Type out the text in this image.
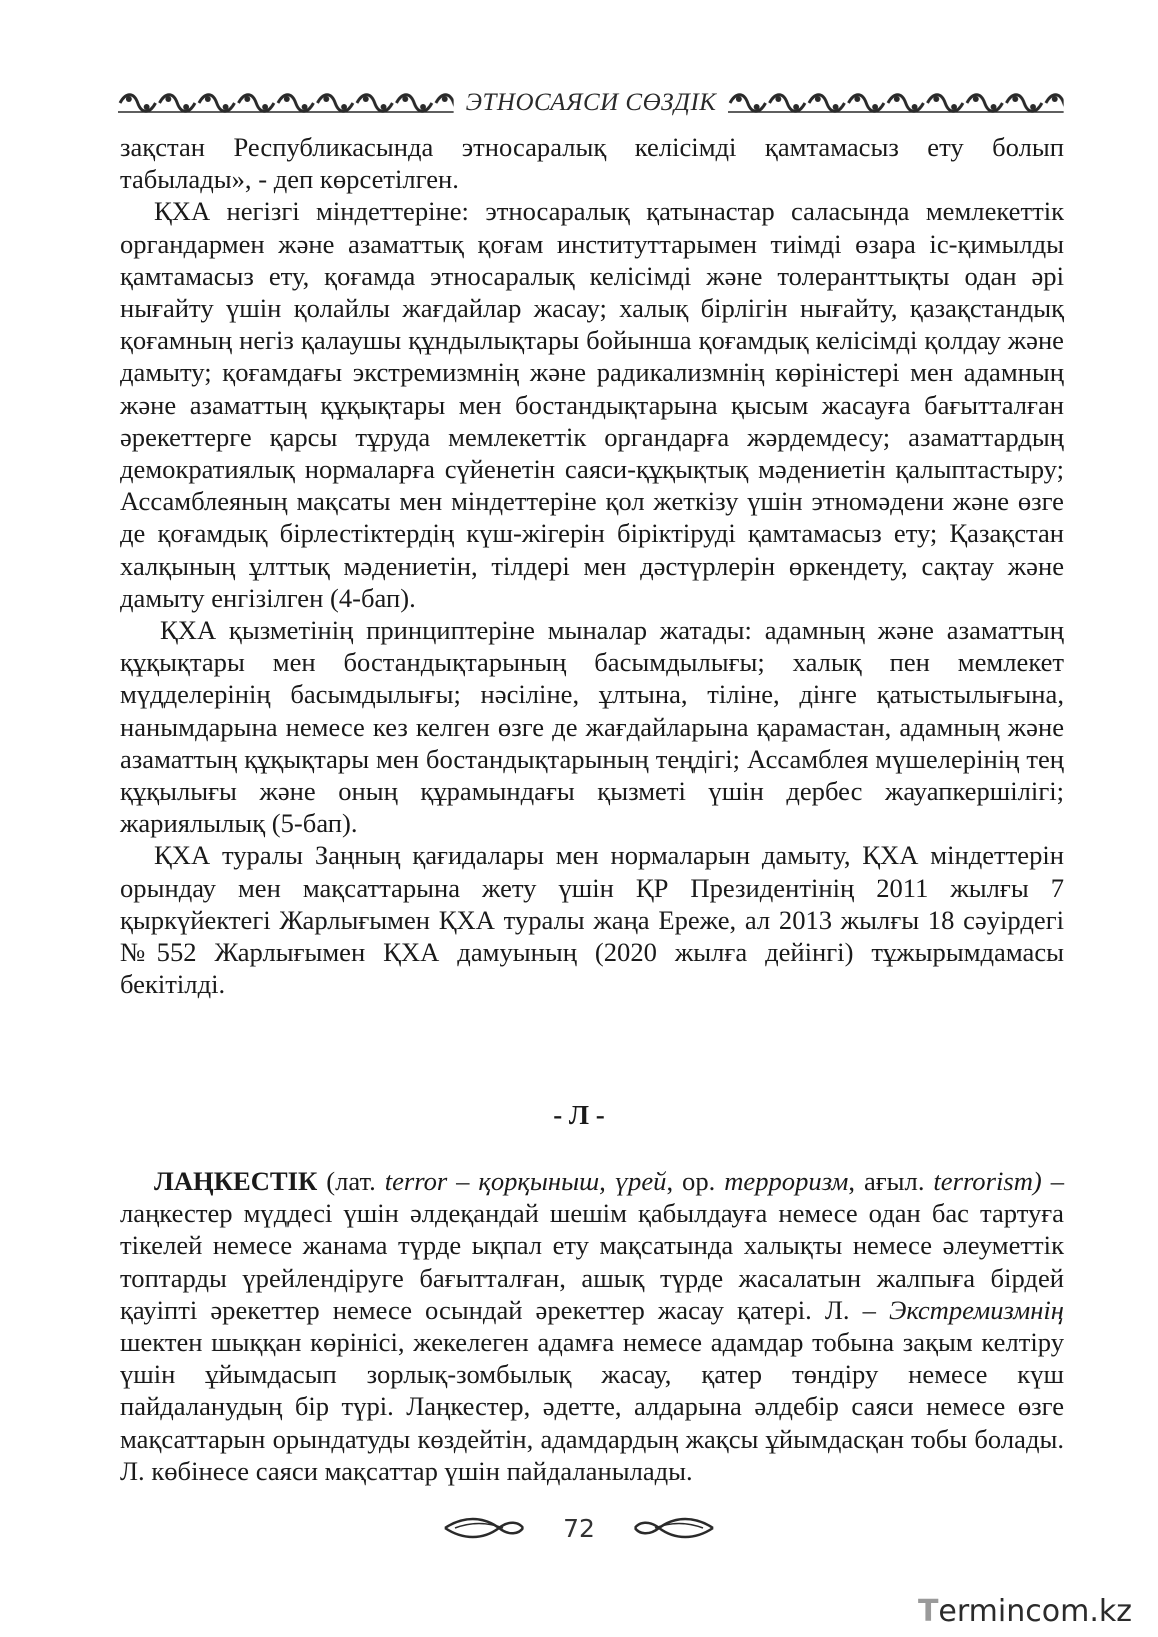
ЭТНОСАЯСИ СӨЗДІК

зақстан Республикасында этносаралық келісімді қамтамасыз ету болып табылады», - деп көрсетілген.

ҚХА негізгі міндеттеріне: этносаралық қатынастар саласында мемлекеттік органдармен және азаматтық қоғам институттарымен тиімді өзара іс-қимылды қамтамасыз ету, қоғамда этносаралық келісімді және толеранттықты одан әрі нығайту үшін қолайлы жағдайлар жасау; халық бірлігін нығайту, қазақстандық қоғамның негіз қалаушы құндылықтары бойынша қоғамдық келісімді қолдау және дамыту; қоғамдағы экстремизмнің және радикализмнің көріністері мен адамның және азаматтың құқықтары мен бостандықтарына қысым жасауға бағытталған әрекеттерге қарсы тұруда мемлекеттік органдарға жәрдемдесу; азаматтардың демократиялық нормаларға сүйенетін саяси-құқықтық мәдениетін қалыптастыру; Ассамблеяның мақсаты мен міндеттеріне қол жеткізу үшін этномәдени және өзге де қоғамдық бірлестіктердің күш-жігерін біріктіруді қамтамасыз ету; Қазақстан халқының ұлттық мәдениетін, тілдері мен дәстүрлерін өркендету, сақтау және дамыту енгізілген (4-бап).

ҚХА қызметінің принциптеріне мыналар жатады: адамның және азаматтың құқықтары мен бостандықтарының басымдылығы; халық пен мемлекет мүдделерінің басымдылығы; нәсіліне, ұлтына, тіліне, дінге қатыстылығына, нанымдарына немесе кез келген өзге де жағдайларына қарамастан, адамның және азаматтың құқықтары мен бостандықтарының теңдігі; Ассамблея мүшелерінің тең құқылығы және оның құрамындағы қызметі үшін дербес жауапкершілігі; жариялылық (5-бап).

ҚХА туралы Заңның қағидалары мен нормаларын дамыту, ҚХА міндеттерін орындау мен мақсаттарына жету үшін ҚР Президентінің 2011 жылғы 7 қыркүйектегі Жарлығымен ҚХА туралы жаңа Ереже, ал 2013 жылғы 18 сәуірдегі №552 Жарлығымен ҚХА дамуының (2020 жылға дейінгі) тұжырымдамасы бекітілді.

- Л -

ЛАҢКЕСТІК (лат. terror – қорқыныш, үрей, ор. терроризм, ағыл. terrorism) – лаңкестер мүддесі үшін әлдеқандай шешім қабылдауға немесе одан бас тартуға тікелей немесе жанама түрде ықпал ету мақсатында халықты немесе әлеуметтік топтарды үрейлендіруге бағытталған, ашық түрде жасалатын жалпыға бірдей қауіпті әрекеттер немесе осындай әрекеттер жасау қатері. Л. – Экстремизмнің шектен шыққан көрінісі, жекелеген адамға немесе адамдар тобына зақым келтіру үшін ұйымдасып зорлық-зомбылық жасау, қатер төндіру немесе күш пайдаланудың бір түрі. Лаңкестер, әдетте, алдарына әлдебір саяси немесе өзге мақсаттарын орындатуды көздейтін, адамдардың жақсы ұйымдасқан тобы болады. Л. көбінесе саяси мақсаттар үшін пайдаланылады.

72
T ermincom.kz
